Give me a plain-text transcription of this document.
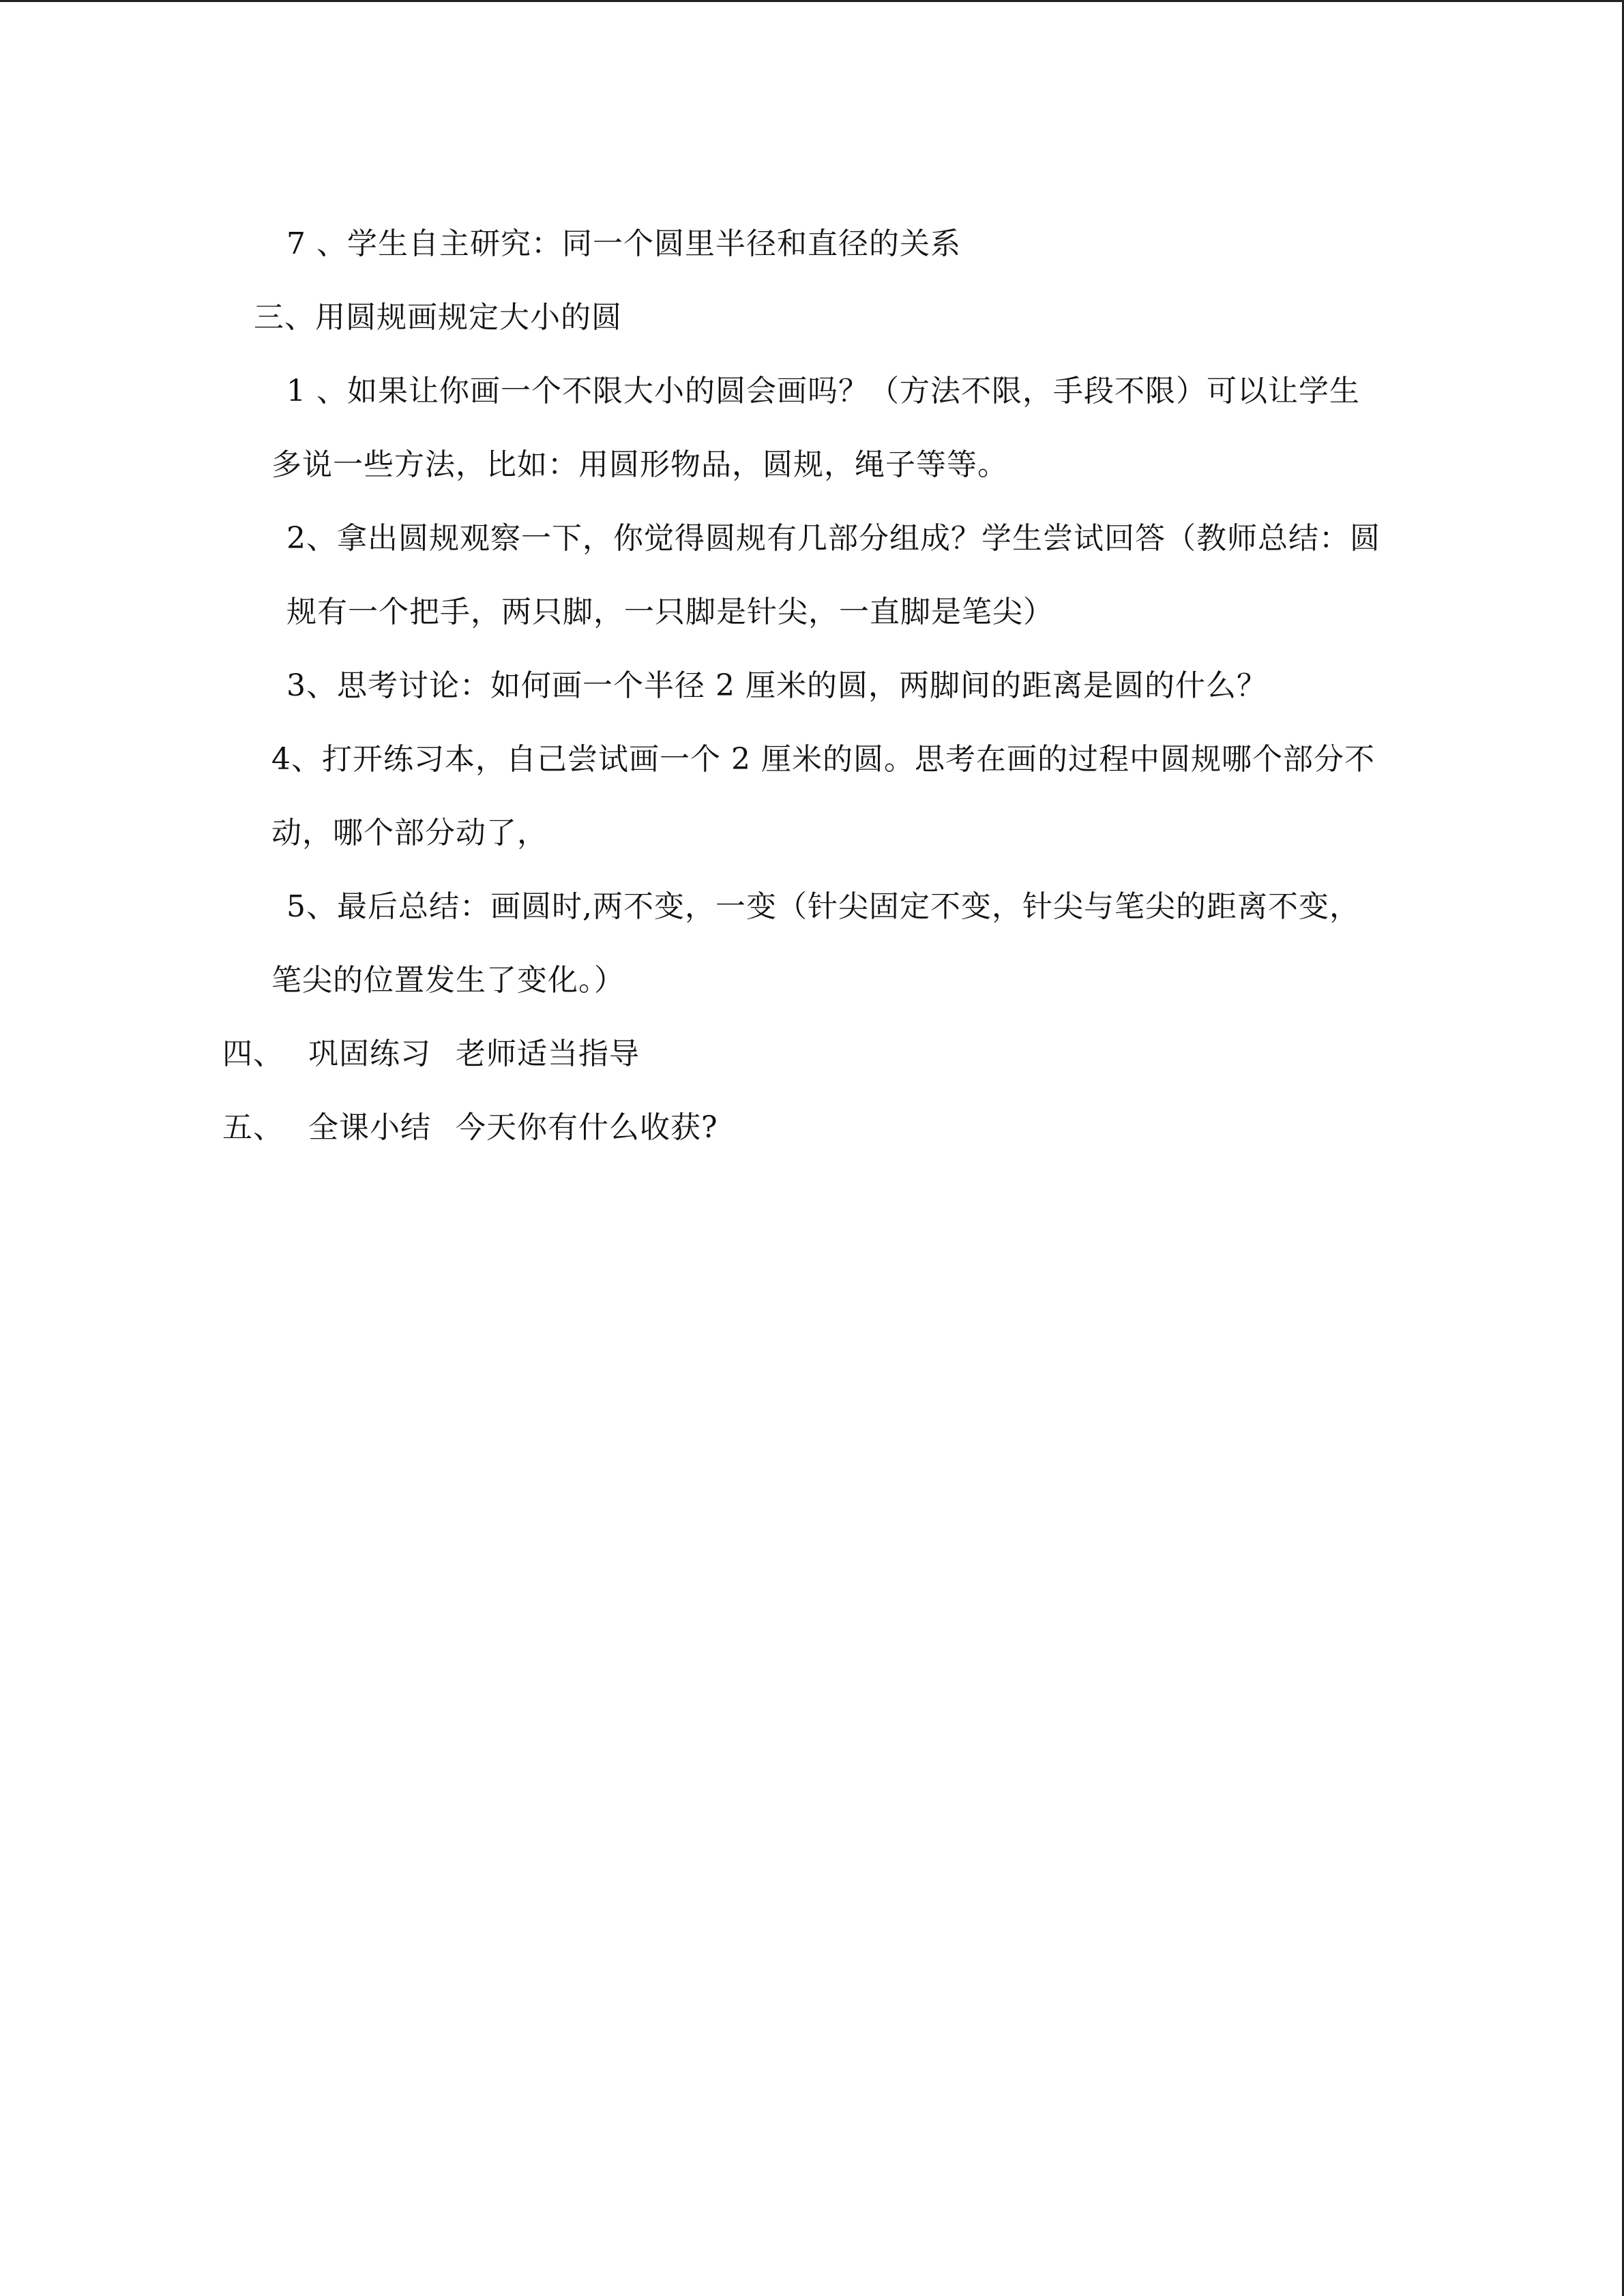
7 、学生自主研究：同一个圆里半径和直径的关系
三、用圆规画规定大小的圆
1 、如果让你画一个不限大小的圆会画吗？（方法不限，手段不限）可以让学生
多说一些方法，比如：用圆形物品，圆规，绳子等等。
2、拿出圆规观察一下，你觉得圆规有几部分组成？学生尝试回答（教师总结：圆
规有一个把手，两只脚，一只脚是针尖，一直脚是笔尖）
3、思考讨论：如何画一个半径 2 厘米的圆，两脚间的距离是圆的什么？
4、打开练习本，自己尝试画一个 2 厘米的圆。思考在画的过程中圆规哪个部分不
动，哪个部分动了，
5、最后总结：画圆时,两不变，一变（针尖固定不变，针尖与笔尖的距离不变，
笔尖的位置发生了变化。）
四、 巩固练习 老师适当指导
五、 全课小结 今天你有什么收获?
